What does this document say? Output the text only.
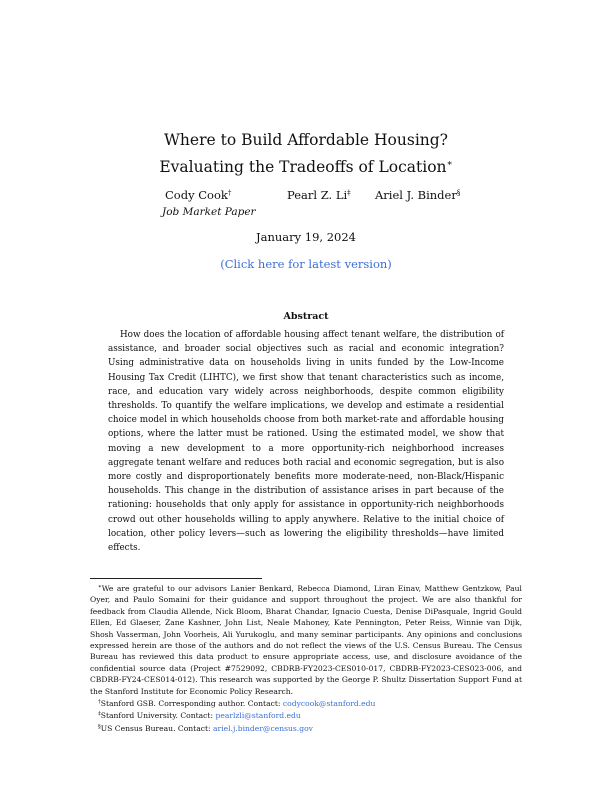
Where to Build Affordable Housing?
Evaluating the Tradeoffs of Location∗
Cody Cook†	Pearl Z. Li‡ Ariel J. Binder§
Job Market Paper
January 19, 2024
(Click here for latest version)
Abstract
How does the location of affordable housing affect tenant welfare, the distribution of assistance, and broader social objectives such as racial and economic integration? Using administrative data on households living in units funded by the Low-Income Housing Tax Credit (LIHTC), we first show that tenant characteristics such as income, race, and education vary widely across neighborhoods, despite common eligibility thresholds. To quantify the welfare implications, we develop and estimate a residential choice model in which households choose from both market-rate and affordable housing options, where the latter must be rationed. Using the estimated model, we show that moving a new development to a more opportunity-rich neighborhood increases aggregate tenant welfare and reduces both racial and economic segregation, but is also more costly and disproportionately benefits more moderate-need, non-Black/Hispanic households. This change in the distribution of assistance arises in part because of the rationing: households that only apply for assistance in opportunity-rich neighborhoods crowd out other households willing to apply anywhere. Relative to the initial choice of location, other policy levers—such as lowering the eligibility thresholds—have limited effects.

∗We are grateful to our advisors Lanier Benkard, Rebecca Diamond, Liran Einav, Matthew Gentzkow, Paul Oyer, and Paulo Somaini for their guidance and support throughout the project. We are also thankful for feedback from Claudia Allende, Nick Bloom, Bharat Chandar, Ignacio Cuesta, Denise DiPasquale, Ingrid Gould Ellen, Ed Glaeser, Zane Kashner, John List, Neale Mahoney, Kate Pennington, Peter Reiss, Winnie van Dijk, Shosh Vasserman, John Voorheis, Ali Yurukoglu, and many seminar participants. Any opinions and conclusions expressed herein are those of the authors and do not reflect the views of the U.S. Census Bureau. The Census Bureau has reviewed this data product to ensure appropriate access, use, and disclosure avoidance of the confidential source data (Project #7529092, CBDRB-FY2023-CES010-017, CBDRB-FY2023-CES023-006, and CBDRB-FY24-CES014-012). This research was supported by the George P. Shultz Dissertation Support Fund at the Stanford Institute for Economic Policy Research.

†Stanford GSB. Corresponding author. Contact: codycook@stanford.edu

‡Stanford University. Contact: pearlzli@stanford.edu

§US Census Bureau. Contact: ariel.j.binder@census.gov
